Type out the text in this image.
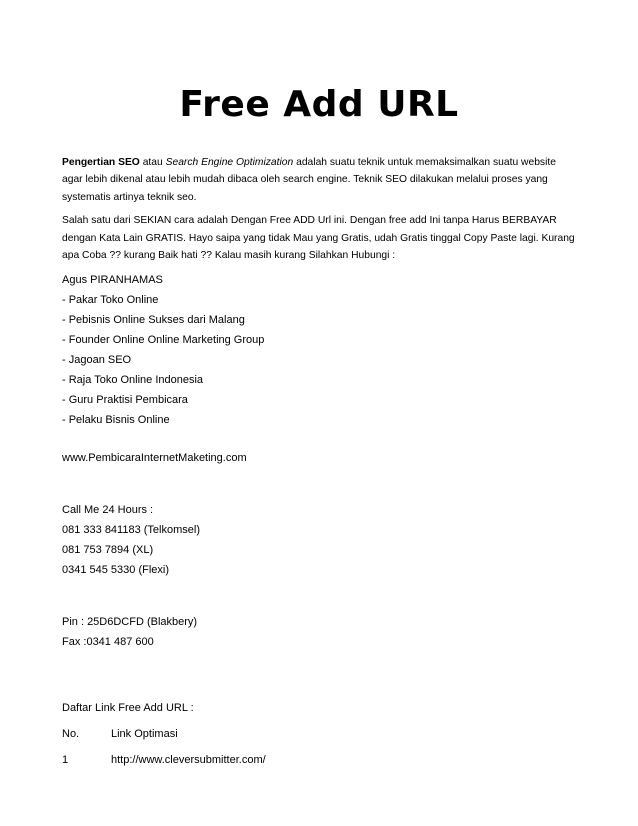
Free Add URL

Pengertian SEO atau Search Engine Optimization adalah suatu teknik untuk memaksimalkan suatu website agar lebih dikenal atau lebih mudah dibaca oleh search engine. Teknik SEO dilakukan melalui proses yang systematis artinya teknik seo.

Salah satu dari SEKIAN cara adalah Dengan Free ADD Url ini. Dengan free add Ini tanpa Harus BERBAYAR dengan Kata Lain GRATIS. Hayo saipa yang tidak Mau yang Gratis, udah Gratis tinggal Copy Paste lagi. Kurang apa Coba ?? kurang Baik hati ?? Kalau masih kurang Silahkan Hubungi :

Agus PIRANHAMAS
- Pakar Toko Online
- Pebisnis Online Sukses dari Malang
- Founder Online Online Marketing Group
- Jagoan SEO
- Raja Toko Online Indonesia
- Guru Praktisi Pembicara
- Pelaku Bisnis Online
www.PembicaraInternetMaketing.com
Call Me 24 Hours :
081 333 841183 (Telkomsel)
081 753 7894 (XL)
0341 545 5330 (Flexi)
Pin : 25D6DCFD (Blakbery)
Fax :0341 487 600
Daftar Link Free Add URL :
No.	Link Optimasi
1	http://www.cleversubmitter.com/
